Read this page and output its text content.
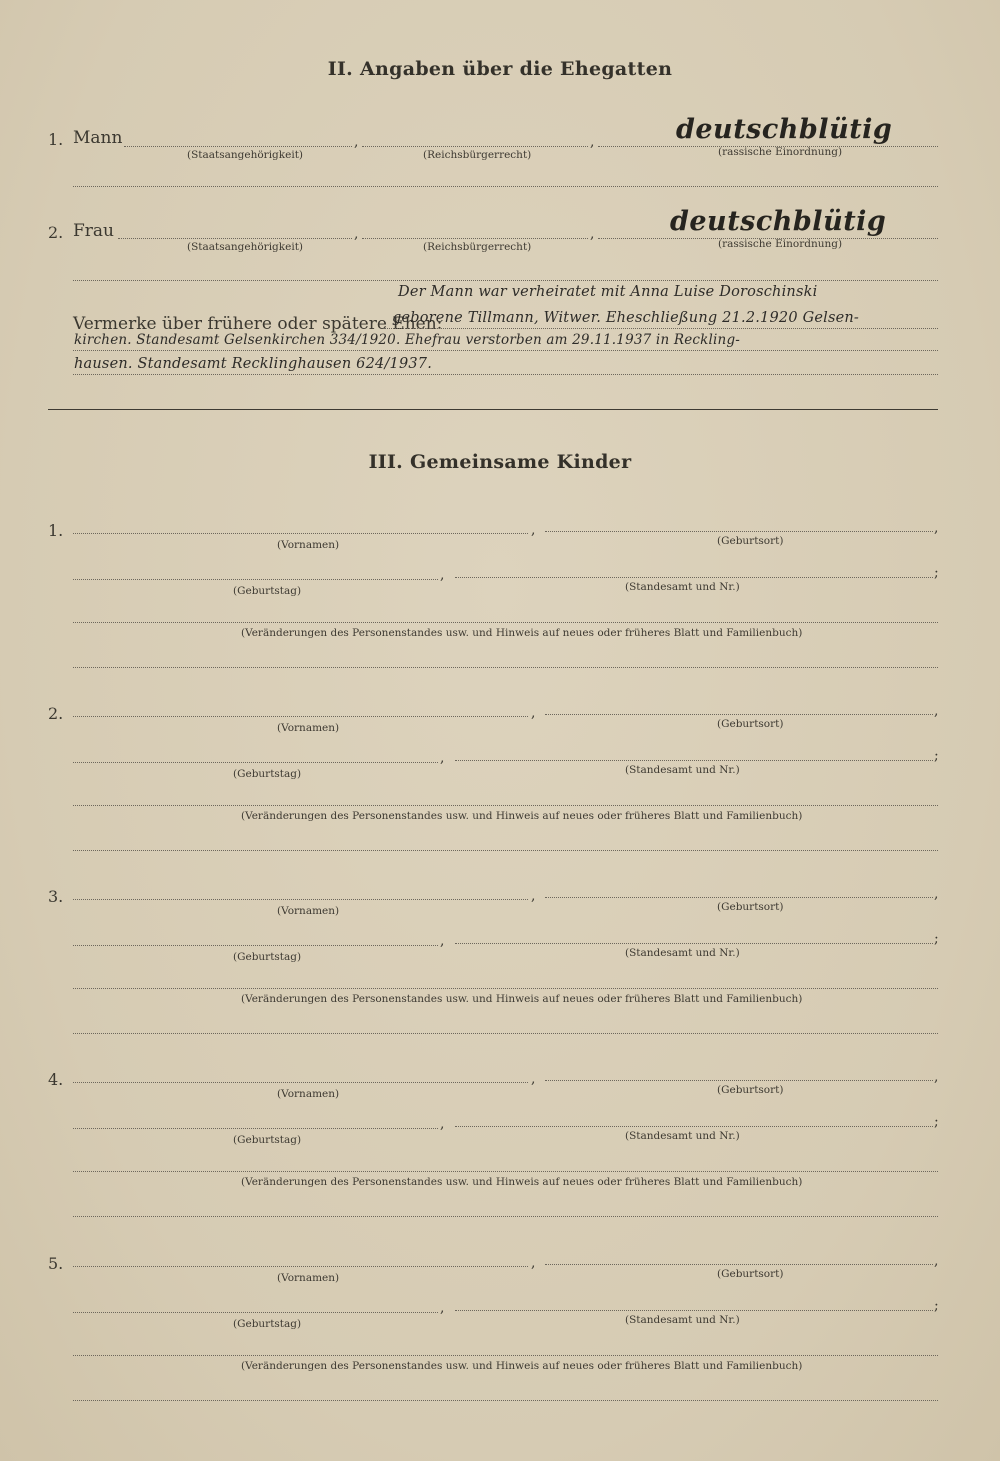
II. Angaben über die Ehegatten
1. Mann	,	,	deutschblütig
(Staatsangehörigkeit)	(Reichsbürgerrecht)	(rassische Einordnung)
2. Frau	,	,	deutschblütig
(Staatsangehörigkeit)	(Reichsbürgerrecht)	(rassische Einordnung)
Vermerke über frühere oder spätere Ehen:
Der Mann war verheiratet mit Anna Luise Doroschinski
geborene Tillmann, Witwer. Eheschließung 21.2.1920 Gelsen-
kirchen. Standesamt Gelsenkirchen 334/1920. Ehefrau verstorben am 29.11.1937 in Reckling-
hausen. Standesamt Recklinghausen 624/1937.
III. Gemeinsame Kinder
1.	,	,
(Vornamen)	(Geburtsort)
,	;
(Geburtstag)	(Standesamt und Nr.)
(Veränderungen des Personenstandes usw. und Hinweis auf neues oder früheres Blatt und Familienbuch)
2.	,	,
(Vornamen)	(Geburtsort)
,	;
(Geburtstag)	(Standesamt und Nr.)
(Veränderungen des Personenstandes usw. und Hinweis auf neues oder früheres Blatt und Familienbuch)
3.	,	,
(Vornamen)	(Geburtsort)
,	;
(Geburtstag)	(Standesamt und Nr.)
(Veränderungen des Personenstandes usw. und Hinweis auf neues oder früheres Blatt und Familienbuch)
4.	,	,
(Vornamen)	(Geburtsort)
,	;
(Geburtstag)	(Standesamt und Nr.)
(Veränderungen des Personenstandes usw. und Hinweis auf neues oder früheres Blatt und Familienbuch)
5.	,	,
(Vornamen)	(Geburtsort)
,	;
(Geburtstag)	(Standesamt und Nr.)
(Veränderungen des Personenstandes usw. und Hinweis auf neues oder früheres Blatt und Familienbuch)
